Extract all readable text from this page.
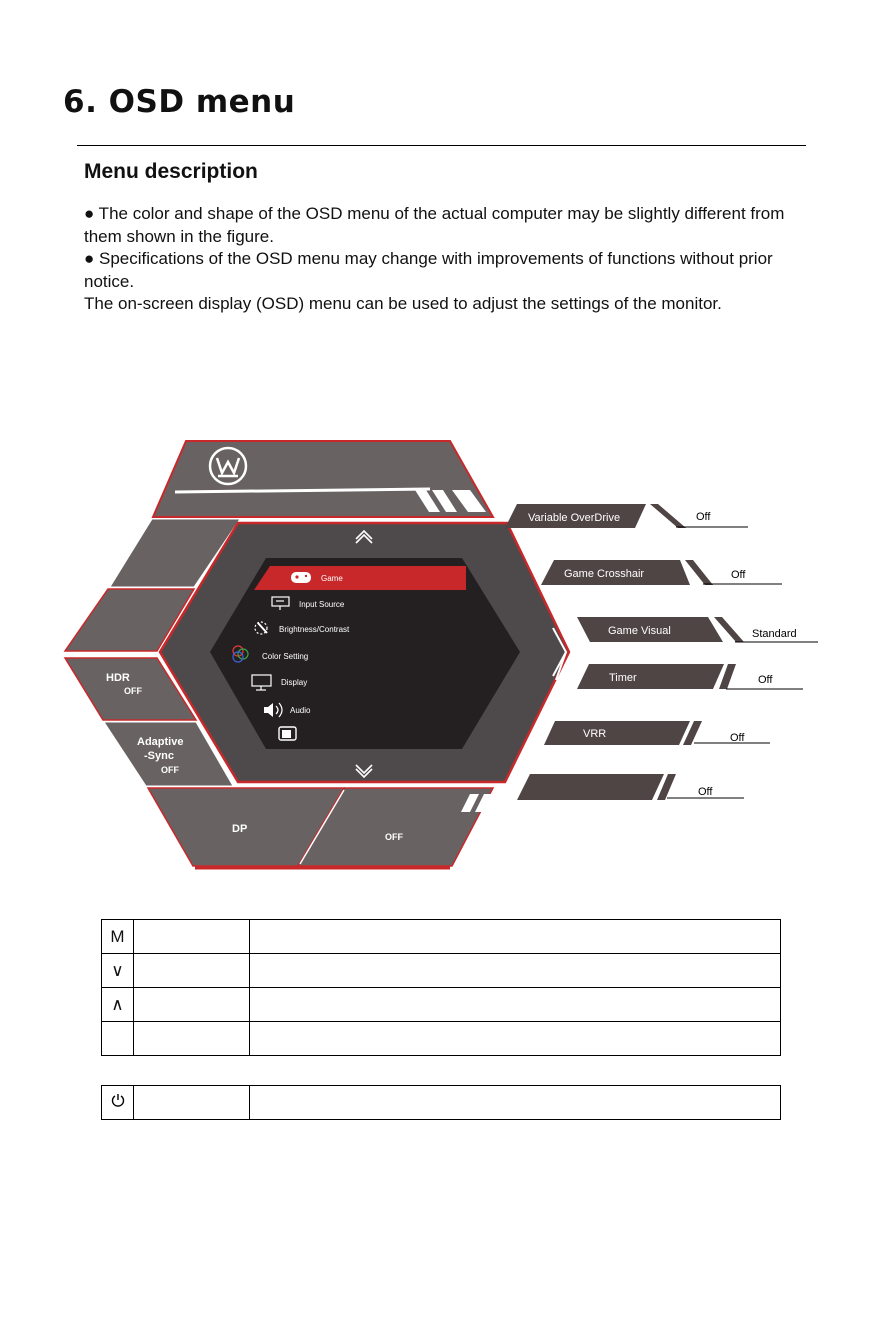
6. OSD menu
Menu description

● The color and shape of the OSD menu of the actual computer may be slightly different from them shown in the figure.

● Specifications of the OSD menu may change with improvements of functions without prior notice.

The on-screen display (OSD) menu can be used to adjust the settings of the monitor.

Game
Input Source
Brightness/Contrast
Color Setting
Display
Audio
HDR
OFF
Adaptive
-Sync
OFF
DP
OFF
Variable OverDrive	Off
Game Crosshair	Off
Game Visual	Standard
Timer	Off
VRR	Off
Off
M		
∨		
∧		
